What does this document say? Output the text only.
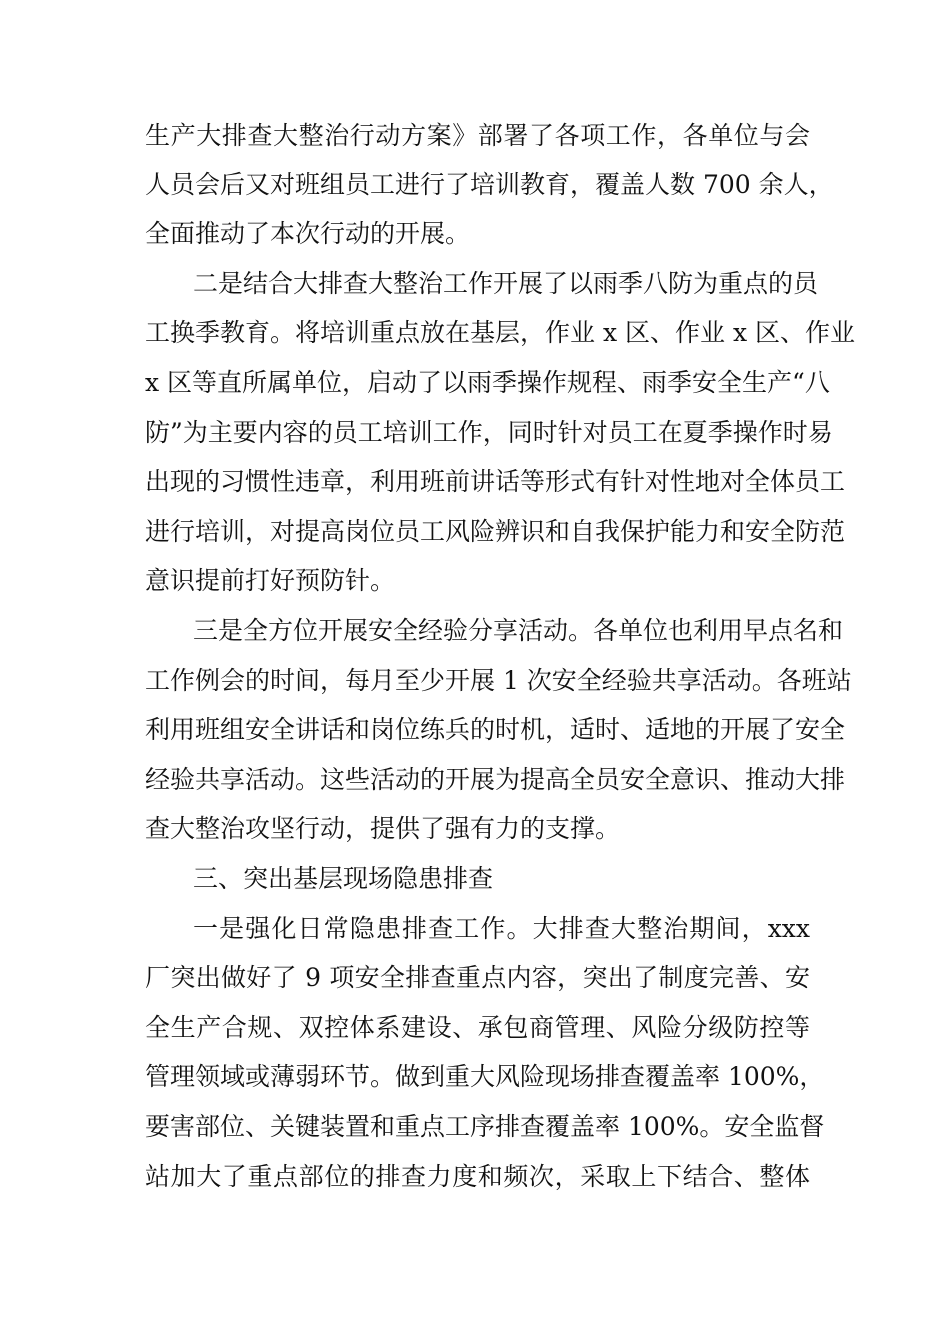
生产大排查大整治行动方案》部署了各项工作，各单位与会
人员会后又对班组员工进行了培训教育，覆盖人数 700 余人，
全面推动了本次行动的开展。
二是结合大排查大整治工作开展了以雨季八防为重点的员
工换季教育。将培训重点放在基层，作业 x 区、作业 x 区、作业
x 区等直所属单位，启动了以雨季操作规程、雨季安全生产“八
防”为主要内容的员工培训工作，同时针对员工在夏季操作时易
出现的习惯性违章，利用班前讲话等形式有针对性地对全体员工
进行培训，对提高岗位员工风险辨识和自我保护能力和安全防范
意识提前打好预防针。
三是全方位开展安全经验分享活动。各单位也利用早点名和
工作例会的时间，每月至少开展 1 次安全经验共享活动。各班站
利用班组安全讲话和岗位练兵的时机，适时、适地的开展了安全
经验共享活动。这些活动的开展为提高全员安全意识、推动大排
查大整治攻坚行动，提供了强有力的支撑。
三、突出基层现场隐患排查
一是强化日常隐患排查工作。大排查大整治期间，xxx
厂突出做好了 9 项安全排查重点内容，突出了制度完善、安
全生产合规、双控体系建设、承包商管理、风险分级防控等
管理领域或薄弱环节。做到重大风险现场排查覆盖率 100%，
要害部位、关键装置和重点工序排查覆盖率 100%。安全监督
站加大了重点部位的排查力度和频次，采取上下结合、整体
